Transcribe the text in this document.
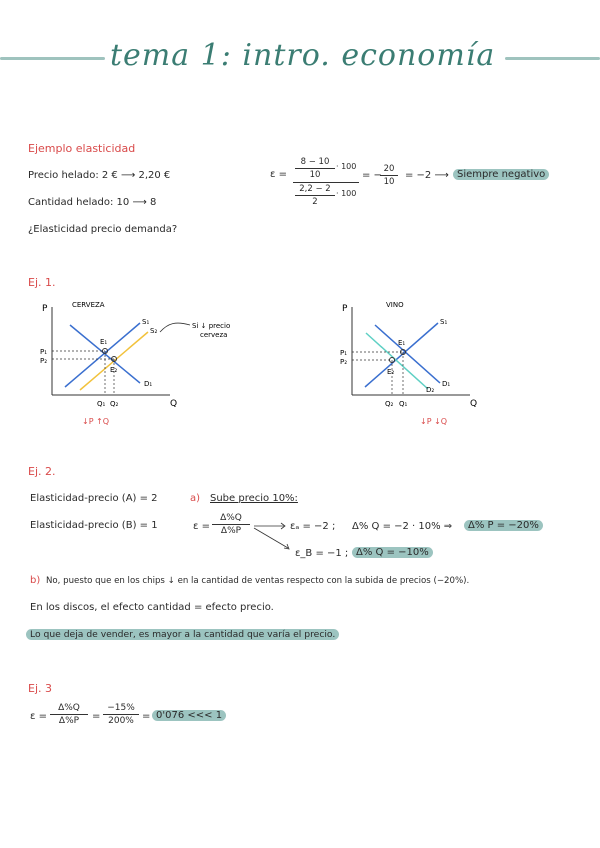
tema 1: intro. economía
Ejemplo elasticidad
Precio helado: 2 € ⟶ 2,20 €
Cantidad helado: 10 ⟶ 8
¿Elasticidad precio demanda?
ε =
8 − 10
10
· 100
2,2 − 2
2
· 100
= −
20
10
= −2 ⟶ Siempre negativo
Ej. 1.
P
Q
CERVEZA
S₁
S₂
E₁
E₂
D₁
P₁
P₂
Q₁ Q₂
Si ↓ precio
cerveza
↓P ↑Q
P
Q
VINO
S₁
E₁
E₂
D₁
D₂
P₁
P₂
Q₂ Q₁
↓P ↓Q
Ej. 2.
Elasticidad-precio (A) = 2
Elasticidad-precio (B) = 1
a) Sube precio 10%:
ε =
Δ%Q
Δ%P	εₐ = −2 ; Δ% Q = −2 · 10% ⇒	Δ% P = −20%
ε_B = −1 ; Δ% Q = −10%
b) No, puesto que en los chips ↓ en la cantidad de ventas respecto con la subida de precios (−20%).
En los discos, el efecto cantidad = efecto precio.
Lo que deja de vender, es mayor a la cantidad que varía el precio.
Ej. 3
ε =
Δ%Q
Δ%P	=
−15%
200% = 0'076 <<< 1
